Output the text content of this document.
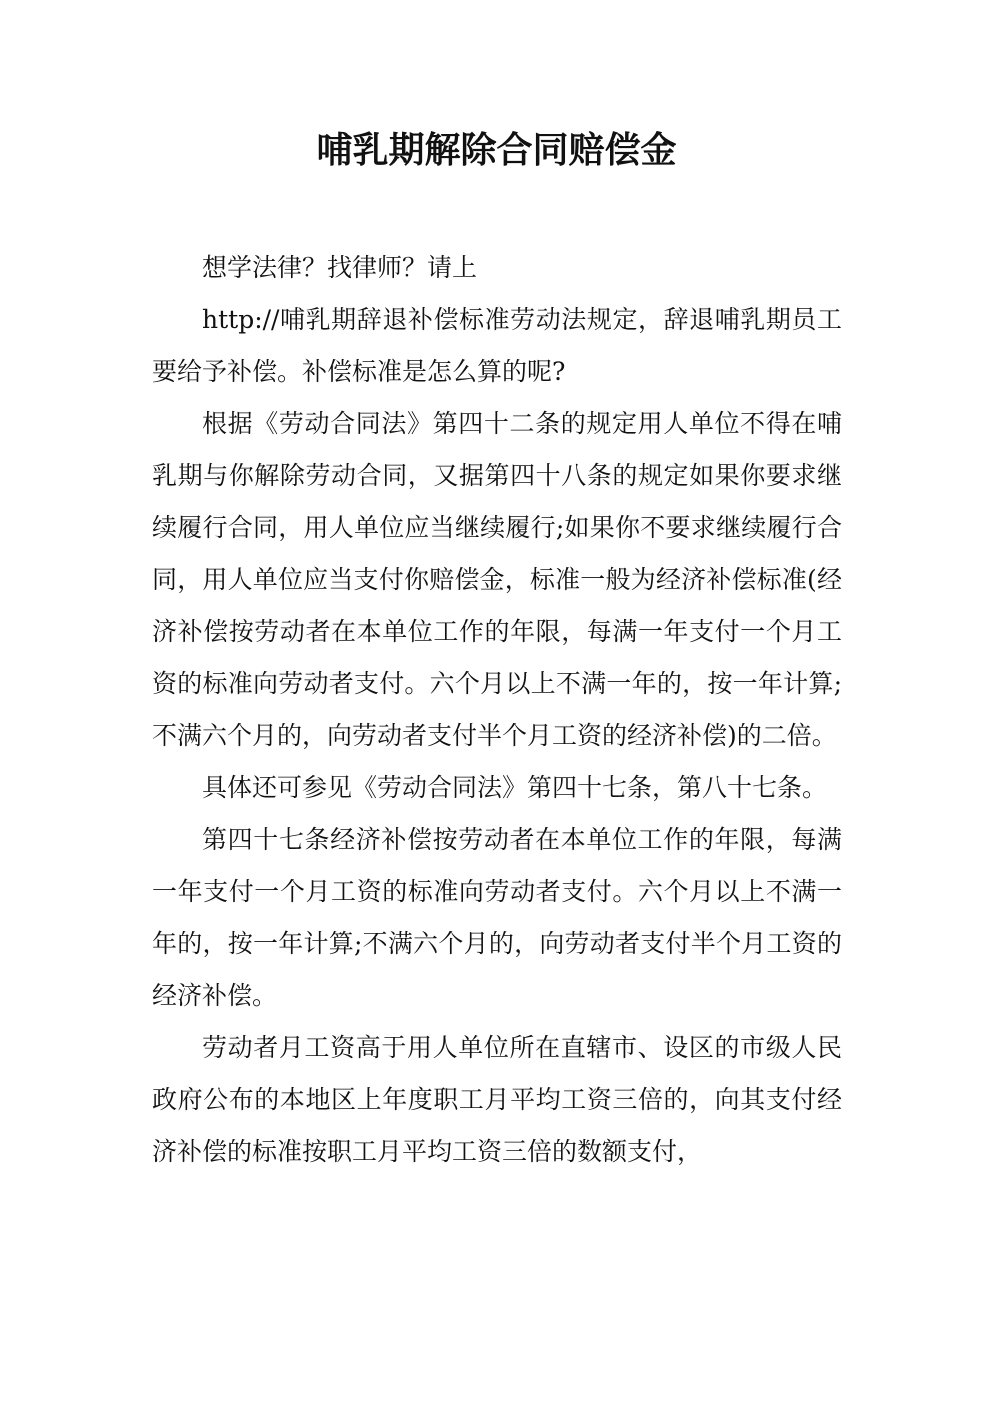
哺乳期解除合同赔偿金

想学法律？找律师？请上

http://哺乳期辞退补偿标准劳动法规定，辞退哺乳期员工要给予补偿。补偿标准是怎么算的呢?

根据《劳动合同法》第四十二条的规定用人单位不得在哺乳期与你解除劳动合同，又据第四十八条的规定如果你要求继续履行合同，用人单位应当继续履行;如果你不要求继续履行合同，用人单位应当支付你赔偿金，标准一般为经济补偿标准(经济补偿按劳动者在本单位工作的年限，每满一年支付一个月工资的标准向劳动者支付。六个月以上不满一年的，按一年计算;不满六个月的，向劳动者支付半个月工资的经济补偿)的二倍。

具体还可参见《劳动合同法》第四十七条，第八十七条。

第四十七条经济补偿按劳动者在本单位工作的年限，每满一年支付一个月工资的标准向劳动者支付。六个月以上不满一年的，按一年计算;不满六个月的，向劳动者支付半个月工资的经济补偿。

劳动者月工资高于用人单位所在直辖市、设区的市级人民政府公布的本地区上年度职工月平均工资三倍的，向其支付经济补偿的标准按职工月平均工资三倍的数额支付，
